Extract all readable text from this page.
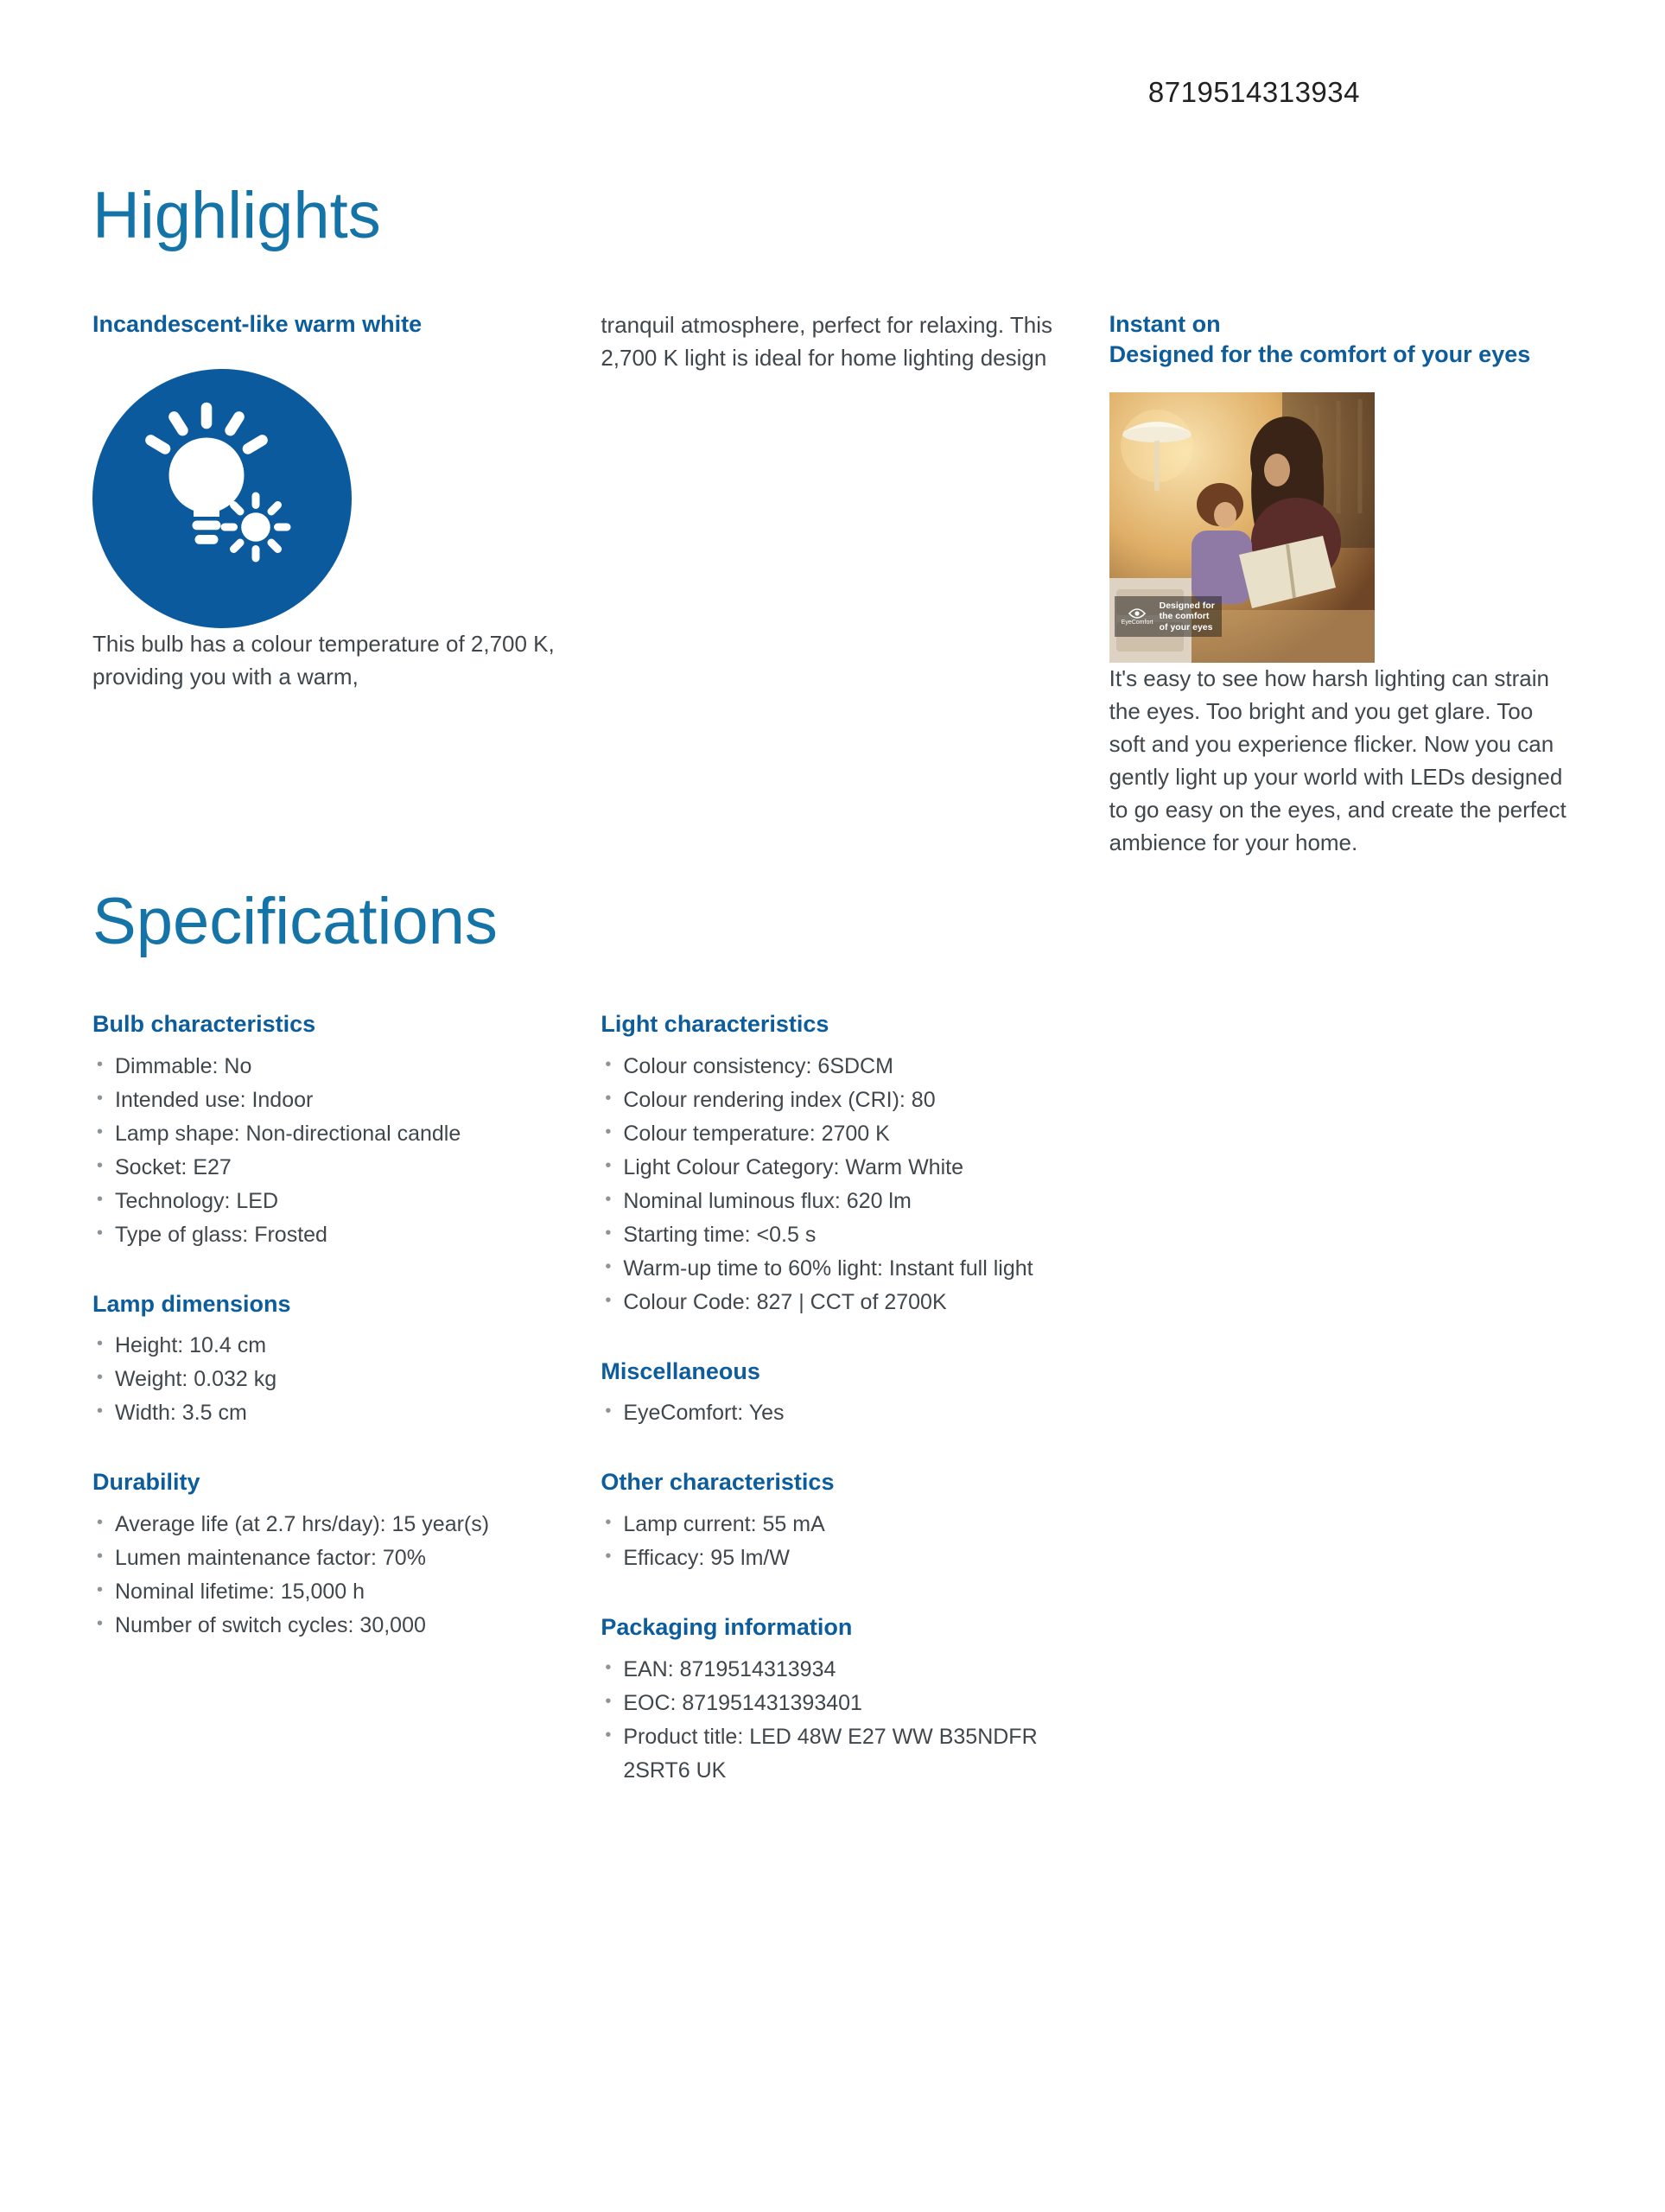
8719514313934
Highlights
Incandescent-like warm white

This bulb has a colour temperature of 2,700 K, providing you with a warm,

tranquil atmosphere, perfect for relaxing. This 2,700 K light is ideal for home lighting design

Instant on
Designed for the comfort of your eyes
EyeComfort
Designed for
the comfort
of your eyes

It's easy to see how harsh lighting can strain the eyes. Too bright and you get glare. Too soft and you experience flicker. Now you can gently light up your world with LEDs designed to go easy on the eyes, and create the perfect ambience for your home.

Specifications
Bulb characteristics
• Dimmable: No
• Intended use: Indoor
• Lamp shape: Non-directional candle
• Socket: E27
• Technology: LED
• Type of glass: Frosted
Lamp dimensions
• Height: 10.4 cm
• Weight: 0.032 kg
• Width: 3.5 cm
Durability
• Average life (at 2.7 hrs/day): 15 year(s)
• Lumen maintenance factor: 70%
• Nominal lifetime: 15,000 h
• Number of switch cycles: 30,000
Light characteristics
• Colour consistency: 6SDCM
• Colour rendering index (CRI): 80
• Colour temperature: 2700 K
• Light Colour Category: Warm White
• Nominal luminous flux: 620 lm
• Starting time: <0.5 s
• Warm-up time to 60% light: Instant full light
• Colour Code: 827 | CCT of 2700K
Miscellaneous
• EyeComfort: Yes
Other characteristics
• Lamp current: 55 mA
• Efficacy: 95 lm/W
Packaging information
• EAN: 8719514313934
• EOC: 871951431393401
• Product title: LED 48W E27 WW B35NDFR 2SRT6 UK
